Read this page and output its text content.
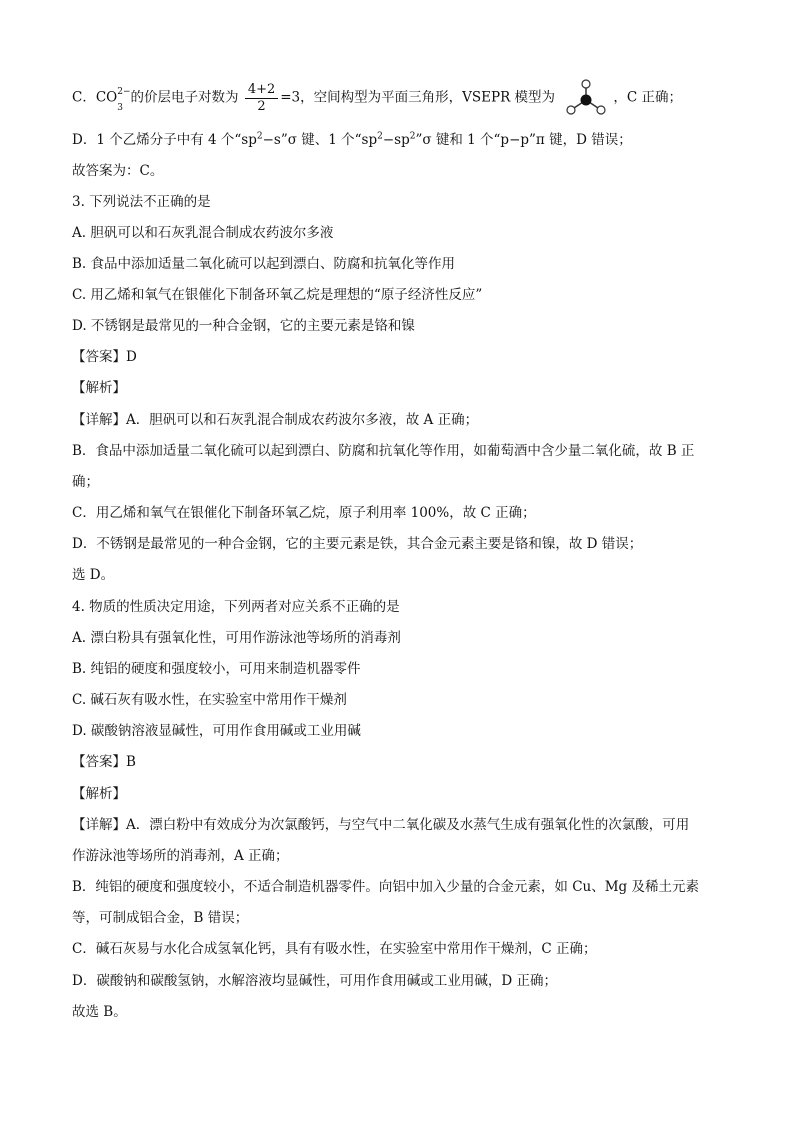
C．$CO^{2-}$
3
的价层电子对数为 $\frac{4+2}{2} =3$，空间构型为平面三角形，VSEPR 模型为	，C 正确；
D．1 个乙烯分子中有 4 个“$sp^2-s”\sigma$ 键、1 个“$sp^2-sp^2”\sigma$ 键和 1 个“p−p”π 键，D 错误；
故答案为：C。
3. 下列说法不正确的是
A. 胆矾可以和石灰乳混合制成农药波尔多液
B. 食品中添加适量二氧化硫可以起到漂白、防腐和抗氧化等作用
C. 用乙烯和氧气在银催化下制备环氧乙烷是理想的“原子经济性反应”
D. 不锈钢是最常见的一种合金钢，它的主要元素是铬和镍
【答案】D
【解析】
【详解】A．胆矾可以和石灰乳混合制成农药波尔多液，故 A 正确；
B．食品中添加适量二氧化硫可以起到漂白、防腐和抗氧化等作用，如葡萄酒中含少量二氧化硫，故 B 正
确；
C．用乙烯和氧气在银催化下制备环氧乙烷，原子利用率 100%，故 C 正确；
D．不锈钢是最常见的一种合金钢，它的主要元素是铁，其合金元素主要是铬和镍，故 D 错误；
选 D。
4. 物质的性质决定用途，下列两者对应关系不正确的是
A. 漂白粉具有强氧化性，可用作游泳池等场所的消毒剂
B. 纯铝的硬度和强度较小，可用来制造机器零件
C. 碱石灰有吸水性，在实验室中常用作干燥剂
D. 碳酸钠溶液显碱性，可用作食用碱或工业用碱
【答案】B
【解析】
【详解】A．漂白粉中有效成分为次氯酸钙，与空气中二氧化碳及水蒸气生成有强氧化性的次氯酸，可用
作游泳池等场所的消毒剂，A 正确；
B．纯铝的硬度和强度较小，不适合制造机器零件。向铝中加入少量的合金元素，如 Cu、Mg 及稀土元素
等，可制成铝合金，B 错误；
C．碱石灰易与水化合成氢氧化钙，具有有吸水性，在实验室中常用作干燥剂，C 正确；
D．碳酸钠和碳酸氢钠，水解溶液均显碱性，可用作食用碱或工业用碱，D 正确；
故选 B。
